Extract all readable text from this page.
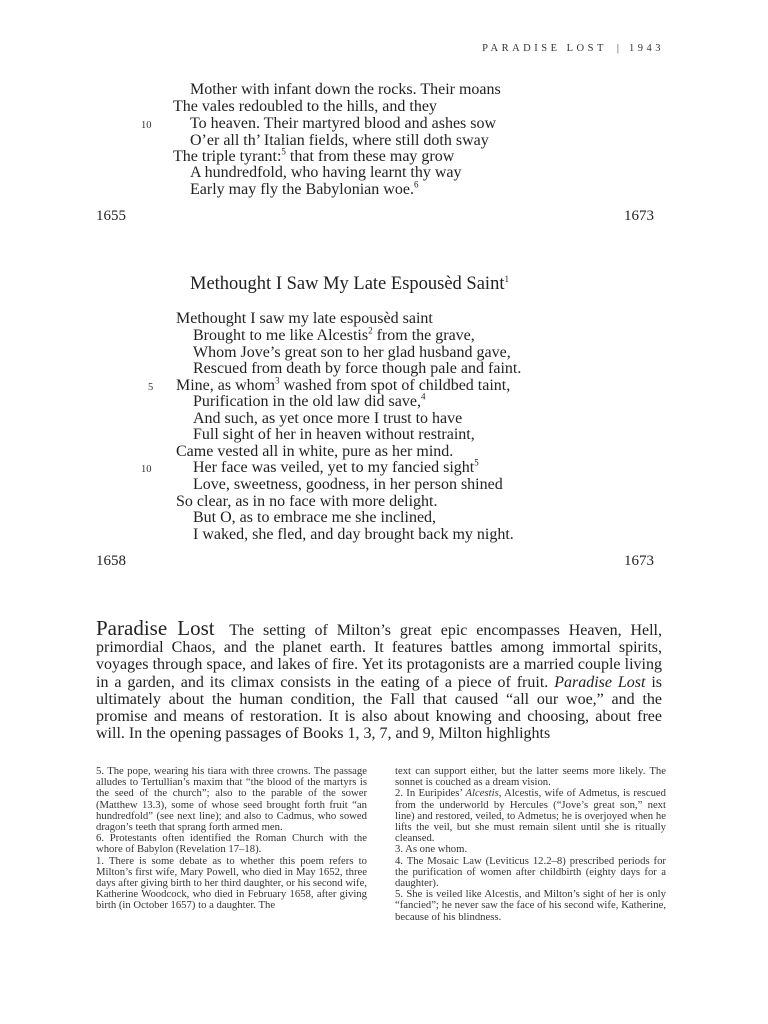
PARADISE LOST | 1943
Mother with infant down the rocks. Their moans
The vales redoubled to the hills, and they
10 To heaven. Their martyred blood and ashes sow
O’er all th’ Italian fields, where still doth sway
The triple tyrant:$^5$ that from these may grow
A hundredfold, who having learnt thy way
Early may fly the Babylonian woe.$^6$
1655	1673
Methought I Saw My Late Espousèd Saint$^1$
Methought I saw my late espousèd saint
Brought to me like Alcestis$^2$ from the grave,
Whom Jove’s great son to her glad husband gave,
Rescued from death by force though pale and faint.
5 Mine, as whom$^3$ washed from spot of childbed taint,
Purification in the old law did save,$^4$
And such, as yet once more I trust to have
Full sight of her in heaven without restraint,
Came vested all in white, pure as her mind.
10	Her face was veiled, yet to my fancied sight$^5$
Love, sweetness, goodness, in her person shined
So clear, as in no face with more delight.
But O, as to embrace me she inclined,
I waked, she fled, and day brought back my night.
1658	1673
Paradise Lost The setting of Milton’s great epic encompasses Heaven, Hell, primordial Chaos, and the planet earth. It features battles among immortal spirits, voyages through space, and lakes of fire. Yet its protagonists are a married couple living in a garden, and its climax consists in the eating of a piece of fruit. Paradise Lost is ultimately about the human condition, the Fall that caused “all our woe,” and the promise and means of restoration. It is also about knowing and choosing, about free will. In the opening passages of Books 1, 3, 7, and 9, Milton highlights

5. The pope, wearing his tiara with three crowns. The passage alludes to Tertullian’s maxim that “the blood of the martyrs is the seed of the church”; also to the parable of the sower (Matthew 13.3), some of whose seed brought forth fruit “an hundredfold” (see next line); and also to Cadmus, who sowed dragon’s teeth that sprang forth armed men.

6. Protestants often identified the Roman Church with the whore of Babylon (Revelation 17–18).

1. There is some debate as to whether this poem refers to Milton’s first wife, Mary Powell, who died in May 1652, three days after giving birth to her third daughter, or his second wife, Katherine Woodcock, who died in February 1658, after giving birth (in October 1657) to a daughter. The

text can support either, but the latter seems more likely. The sonnet is couched as a dream vision.

2. In Euripides’ Alcestis, Alcestis, wife of Admetus, is rescued from the underworld by Hercules (“Jove’s great son,” next line) and restored, veiled, to Admetus; he is overjoyed when he lifts the veil, but she must remain silent until she is ritually cleansed.

3. As one whom.

4. The Mosaic Law (Leviticus 12.2–8) prescribed periods for the purification of women after childbirth (eighty days for a daughter).

5. She is veiled like Alcestis, and Milton’s sight of her is only “fancied”; he never saw the face of his second wife, Katherine, because of his blindness.
